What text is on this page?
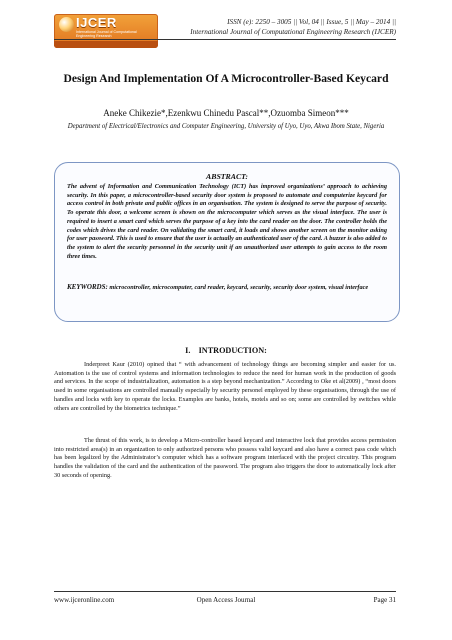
IJCER
International Journal of Computational Engineering Research
ISSN (e): 2250 – 3005 || Vol, 04 || Issue, 5 || May – 2014 ||
International Journal of Computational Engineering Research (IJCER)
Design And Implementation Of A Microcontroller-Based Keycard
Aneke Chikezie*,Ezenkwu Chinedu Pascal**,Ozuomba Simeon***
Department of Electrical/Electronics and Computer Engineering, University of Uyo, Uyo, Akwa Ibom State, Nigeria
ABSTRACT:
The advent of Information and Communication Technology (ICT) has improved organizations’ approach to achieving security. In this paper, a microcontroller-based security door system is proposed to automate and computerize keycard for access control in both private and public offices in an organisation. The system is designed to serve the purpose of security. To operate this door, a welcome screen is shown on the microcomputer which serves as the visual interface. The user is required to insert a smart card which serves the purpose of a key into the card reader on the door. The controller holds the codes which drives the card reader. On validating the smart card, it loads and shows another screen on the monitor asking for user password. This is used to ensure that the user is actually an authenticated user of the card. A buzzer is also added to the system to alert the security personnel in the security unit if an unauthorized user attempts to gain access to the room three times.
KEYWORDS: microcontroller, microcomputer, card reader, keycard, security, security door system, visual interface
I.    INTRODUCTION:
Inderpreet Kaur (2010) opined that “ with advancement of technology things are becoming simpler and easier for us. Automation is the use of control systems and information technologies to reduce the need for human work in the production of goods and services. In the scope of industrialization, automation is a step beyond mechanization.” According to Oke et al(2009) , “most doors used in some organisations are controlled manually especially by security personel employed by these organisations, through the use of handles and locks with key to operate the locks. Examples are banks, hotels, motels and so on; some are controlled by switches while others are controlled by the biometrics technique.”
The thrust of this work, is to develop a Micro-controller based keycard and interactive lock that provides access permission into restricted area(s) in an organization to only authorized persons who possess valid keycard and also have a correct pass code which has been legalized by the Administrator’s computer which has a software program interfaced with the project circuitry. This program handles the validation of the card and the authentication of the password. The program also triggers the door to automatically lock after 30 seconds of opening.
www.ijceronline.com	Open Access Journal	Page 31
